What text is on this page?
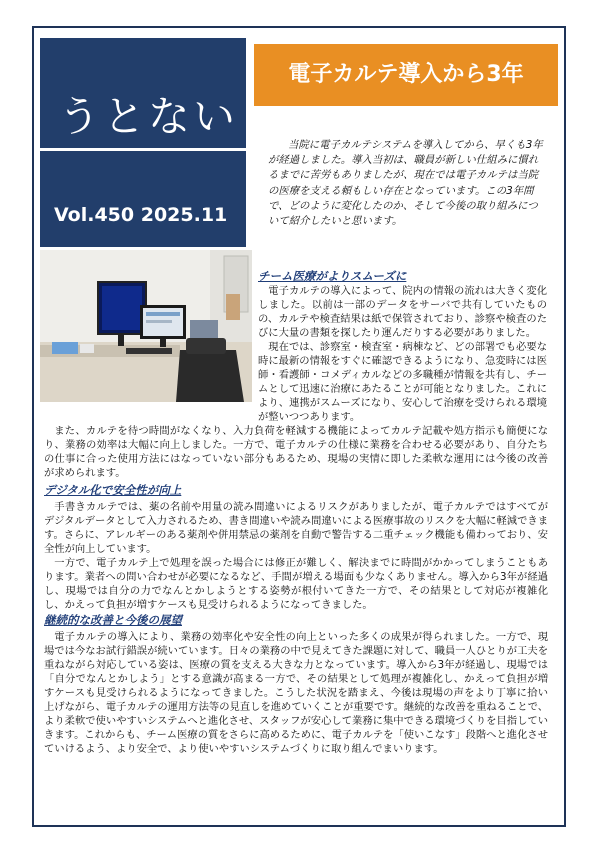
うとない
Vol.450 2025.11
電子カルテ導入から3年
当院に電子カルテシステムを導入してから、早くも3年が経過しました。導入当初は、職員が新しい仕組みに慣れるまでに苦労もありましたが、現在では電子カルテは当院の医療を支える頼もしい存在となっています。この3年間で、どのように変化したのか、そして今後の取り組みについて紹介したいと思います。
チーム医療がよりスムーズに

電子カルテの導入によって、院内の情報の流れは大きく変化しました。以前は一部のデータをサーバで共有していたものの、カルテや検査結果は紙で保管されており、診察や検査のたびに大量の書類を探したり運んだりする必要がありました。

現在では、診察室・検査室・病棟など、どの部署でも必要な時に最新の情報をすぐに確認できるようになり、急変時には医師・看護師・コメディカルなどの多職種が情報を共有し、チームとして迅速に治療にあたることが可能となりました。これにより、連携がスムーズになり、安心して治療を受けられる環境が整いつつあります。

また、カルテを待つ時間がなくなり、入力負荷を軽減する機能によってカルテ記載や処方指示も簡便になり、業務の効率は大幅に向上しました。一方で、電子カルテの仕様に業務を合わせる必要があり、自分たちの仕事に合った使用方法にはなっていない部分もあるため、現場の実情に即した柔軟な運用には今後の改善が求められます。

デジタル化で安全性が向上

手書きカルテでは、薬の名前や用量の読み間違いによるリスクがありましたが、電子カルテではすべてがデジタルデータとして入力されるため、書き間違いや読み間違いによる医療事故のリスクを大幅に軽減できます。さらに、アレルギーのある薬剤や併用禁忌の薬剤を自動で警告する二重チェック機能も備わっており、安全性が向上しています。

一方で、電子カルテ上で処理を誤った場合には修正が難しく、解決までに時間がかかってしまうこともあります。業者への問い合わせが必要になるなど、手間が増える場面も少なくありません。導入から3年が経過し、現場では自分の力でなんとかしようとする姿勢が根付いてきた一方で、その結果として対応が複雑化し、かえって負担が増すケースも見受けられるようになってきました。

継続的な改善と今後の展望

電子カルテの導入により、業務の効率化や安全性の向上といった多くの成果が得られました。一方で、現場では今なお試行錯誤が続いています。日々の業務の中で見えてきた課題に対して、職員一人ひとりが工夫を重ねながら対応している姿は、医療の質を支える大きな力となっています。導入から3年が経過し、現場では「自分でなんとかしよう」とする意識が高まる一方で、その結果として処理が複雑化し、かえって負担が増すケースも見受けられるようになってきました。こうした状況を踏まえ、今後は現場の声をより丁寧に拾い上げながら、電子カルテの運用方法等の見直しを進めていくことが重要です。継続的な改善を重ねることで、より柔軟で使いやすいシステムへと進化させ、スタッフが安心して業務に集中できる環境づくりを目指していきます。これからも、チーム医療の質をさらに高めるために、電子カルテを「使いこなす」段階へと進化させていけるよう、より安全で、より使いやすいシステムづくりに取り組んでまいります。
